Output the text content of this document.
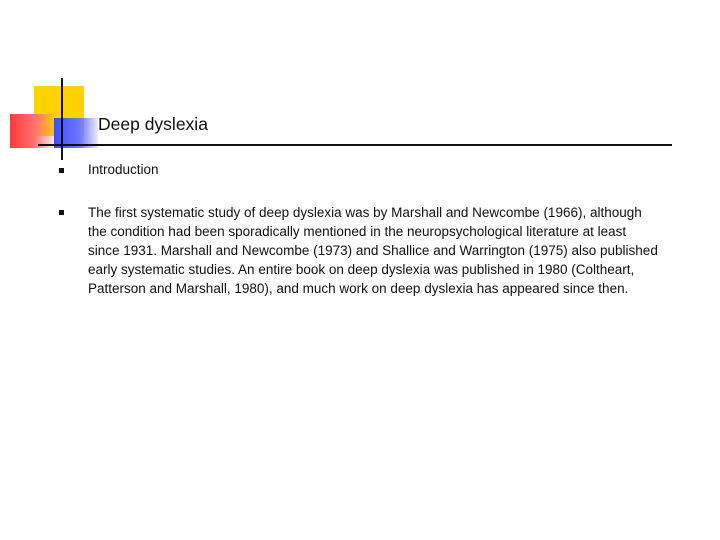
Deep dyslexia
Introduction
The first systematic study of deep dyslexia was by Marshall and Newcombe (1966), although the condition had been sporadically mentioned in the neuropsychological literature at least since 1931. Marshall and Newcombe (1973) and Shallice and Warrington (1975) also published early systematic studies. An entire book on deep dyslexia was published in 1980 (Coltheart, Patterson and Marshall, 1980), and much work on deep dyslexia has appeared since then.
